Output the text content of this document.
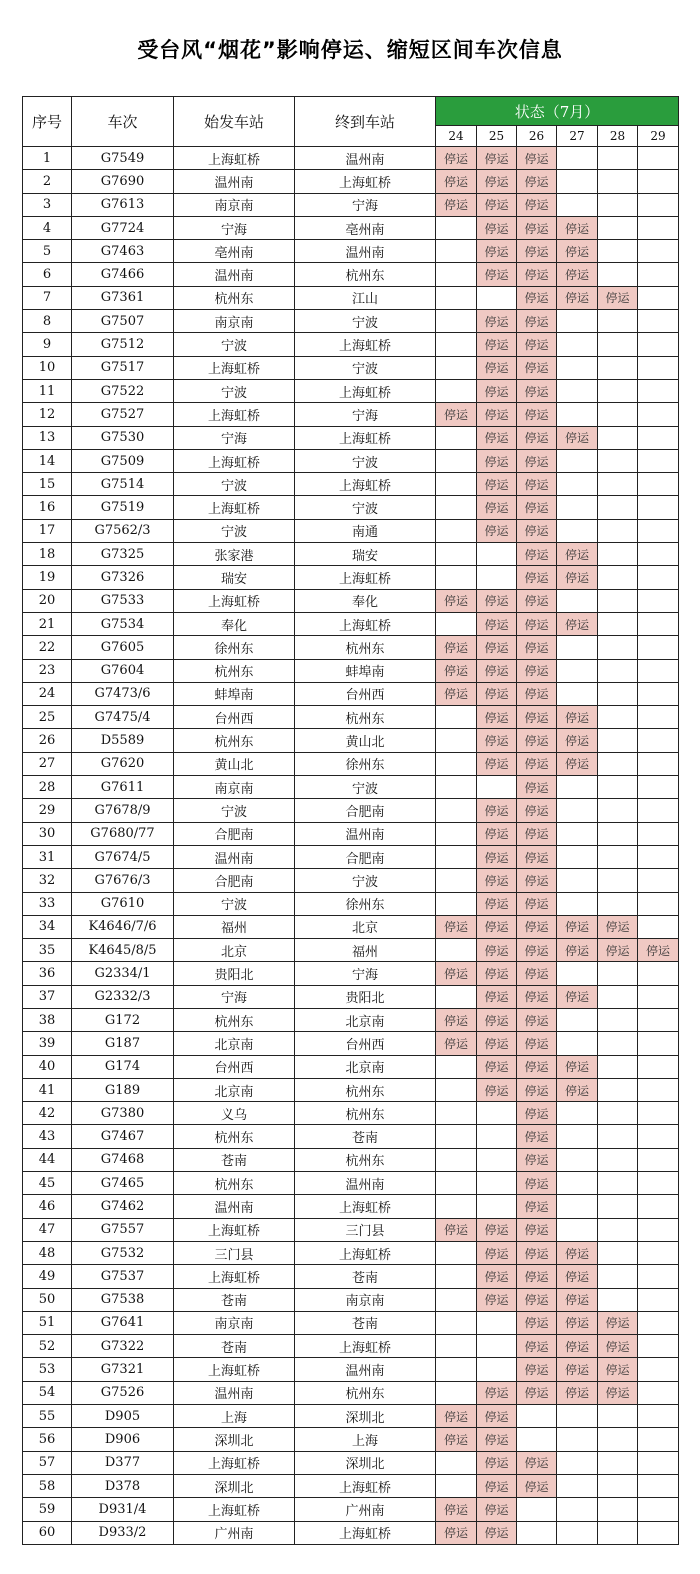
受台风“烟花”影响停运、缩短区间车次信息
序号	车次	始发车站	终到车站	状态（7月）					
				24	25	26	27	28	29
1	G7549	上海虹桥	温州南	停运	停运	停运			

2	G7690	温州南	上海虹桥	停运	停运	停运			

3	G7613	南京南	宁海	停运	停运	停运			

4	G7724	宁海	亳州南		停运	停运	停运		

5	G7463	亳州南	温州南		停运	停运	停运		

6	G7466	温州南	杭州东		停运	停运	停运		

7	G7361	杭州东	江山			停运	停运	停运	

8	G7507	南京南	宁波		停运	停运			

9	G7512	宁波	上海虹桥		停运	停运			

10	G7517	上海虹桥	宁波		停运	停运			

11	G7522	宁波	上海虹桥		停运	停运			

12	G7527	上海虹桥	宁海	停运	停运	停运			

13	G7530	宁海	上海虹桥		停运	停运	停运		

14	G7509	上海虹桥	宁波		停运	停运			

15	G7514	宁波	上海虹桥		停运	停运			

16	G7519	上海虹桥	宁波		停运	停运			

17	G7562/3	宁波	南通		停运	停运			

18	G7325	张家港	瑞安			停运	停运		

19	G7326	瑞安	上海虹桥			停运	停运		

20	G7533	上海虹桥	奉化	停运	停运	停运			

21	G7534	奉化	上海虹桥		停运	停运	停运		

22	G7605	徐州东	杭州东	停运	停运	停运			

23	G7604	杭州东	蚌埠南	停运	停运	停运			

24	G7473/6	蚌埠南	台州西	停运	停运	停运			

25	G7475/4	台州西	杭州东		停运	停运	停运		

26	D5589	杭州东	黄山北		停运	停运	停运		

27	G7620	黄山北	徐州东		停运	停运	停运		

28	G7611	南京南	宁波			停运			

29	G7678/9	宁波	合肥南		停运	停运			

30	G7680/77	合肥南	温州南		停运	停运			

31	G7674/5	温州南	合肥南		停运	停运			

32	G7676/3	合肥南	宁波		停运	停运			

33	G7610	宁波	徐州东		停运	停运			

34	K4646/7/6	福州	北京	停运	停运	停运	停运	停运	

35	K4645/8/5	北京	福州		停运	停运	停运	停运	停运

36	G2334/1	贵阳北	宁海	停运	停运	停运			

37	G2332/3	宁海	贵阳北		停运	停运	停运		

38	G172	杭州东	北京南	停运	停运	停运			

39	G187	北京南	台州西	停运	停运	停运			

40	G174	台州西	北京南		停运	停运	停运		

41	G189	北京南	杭州东		停运	停运	停运		

42	G7380	义乌	杭州东			停运			

43	G7467	杭州东	苍南			停运			

44	G7468	苍南	杭州东			停运			

45	G7465	杭州东	温州南			停运			

46	G7462	温州南	上海虹桥			停运			

47	G7557	上海虹桥	三门县	停运	停运	停运			

48	G7532	三门县	上海虹桥		停运	停运	停运		

49	G7537	上海虹桥	苍南		停运	停运	停运		

50	G7538	苍南	南京南		停运	停运	停运		

51	G7641	南京南	苍南			停运	停运	停运	

52	G7322	苍南	上海虹桥			停运	停运	停运	

53	G7321	上海虹桥	温州南			停运	停运	停运	

54	G7526	温州南	杭州东		停运	停运	停运	停运	

55	D905	上海	深圳北	停运	停运				

56	D906	深圳北	上海	停运	停运				

57	D377	上海虹桥	深圳北		停运	停运			

58	D378	深圳北	上海虹桥		停运	停运			

59	D931/4	上海虹桥	广州南	停运	停运				

60	D933/2	广州南	上海虹桥	停运	停运				
